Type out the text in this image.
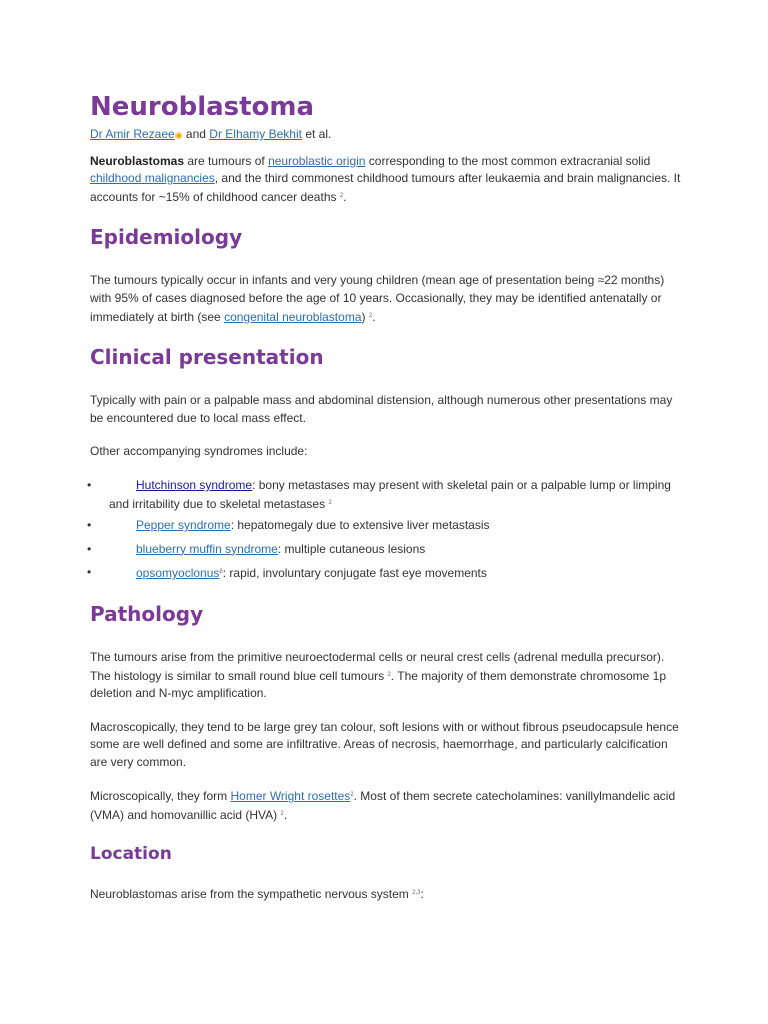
Neuroblastoma

Dr Amir Rezaee◉ and Dr Elhamy Bekhit et al.

Neuroblastomas are tumours of neuroblastic origin corresponding to the most common extracranial solid childhood malignancies, and the third commonest childhood tumours after leukaemia and brain malignancies. It accounts for ~15% of childhood cancer deaths $^2$.

Epidemiology

The tumours typically occur in infants and very young children (mean age of presentation being ≈22 months) with 95% of cases diagnosed before the age of 10 years. Occasionally, they may be identified antenatally or immediately at birth (see congenital neuroblastoma) $^2$.

Clinical presentation

Typically with pain or a palpable mass and abdominal distension, although numerous other presentations may be encountered due to local mass effect.

Other accompanying syndromes include:

•	Hutchinson syndrome: bony metastases may present with skeletal pain or a palpable lump or limping and irritability due to skeletal metastases $^2$
•	Pepper syndrome: hepatomegaly due to extensive liver metastasis
•	blueberry muffin syndrome: multiple cutaneous lesions
•	opsomyoclonus$^8$: rapid, involuntary conjugate fast eye movements
Pathology

The tumours arise from the primitive neuroectodermal cells or neural crest cells (adrenal medulla precursor). The histology is similar to small round blue cell tumours $^2$. The majority of them demonstrate chromosome 1p deletion and N-myc amplification.

Macroscopically, they tend to be large grey tan colour, soft lesions with or without fibrous pseudocapsule hence some are well defined and some are infiltrative. Areas of necrosis, haemorrhage, and particularly calcification are very common.

Microscopically, they form Homer Wright rosettes$^2$. Most of them secrete catecholamines: vanillylmandelic acid (VMA) and homovanillic acid (HVA) $^2$.

Location

Neuroblastomas arise from the sympathetic nervous system $^{2,3}$:
